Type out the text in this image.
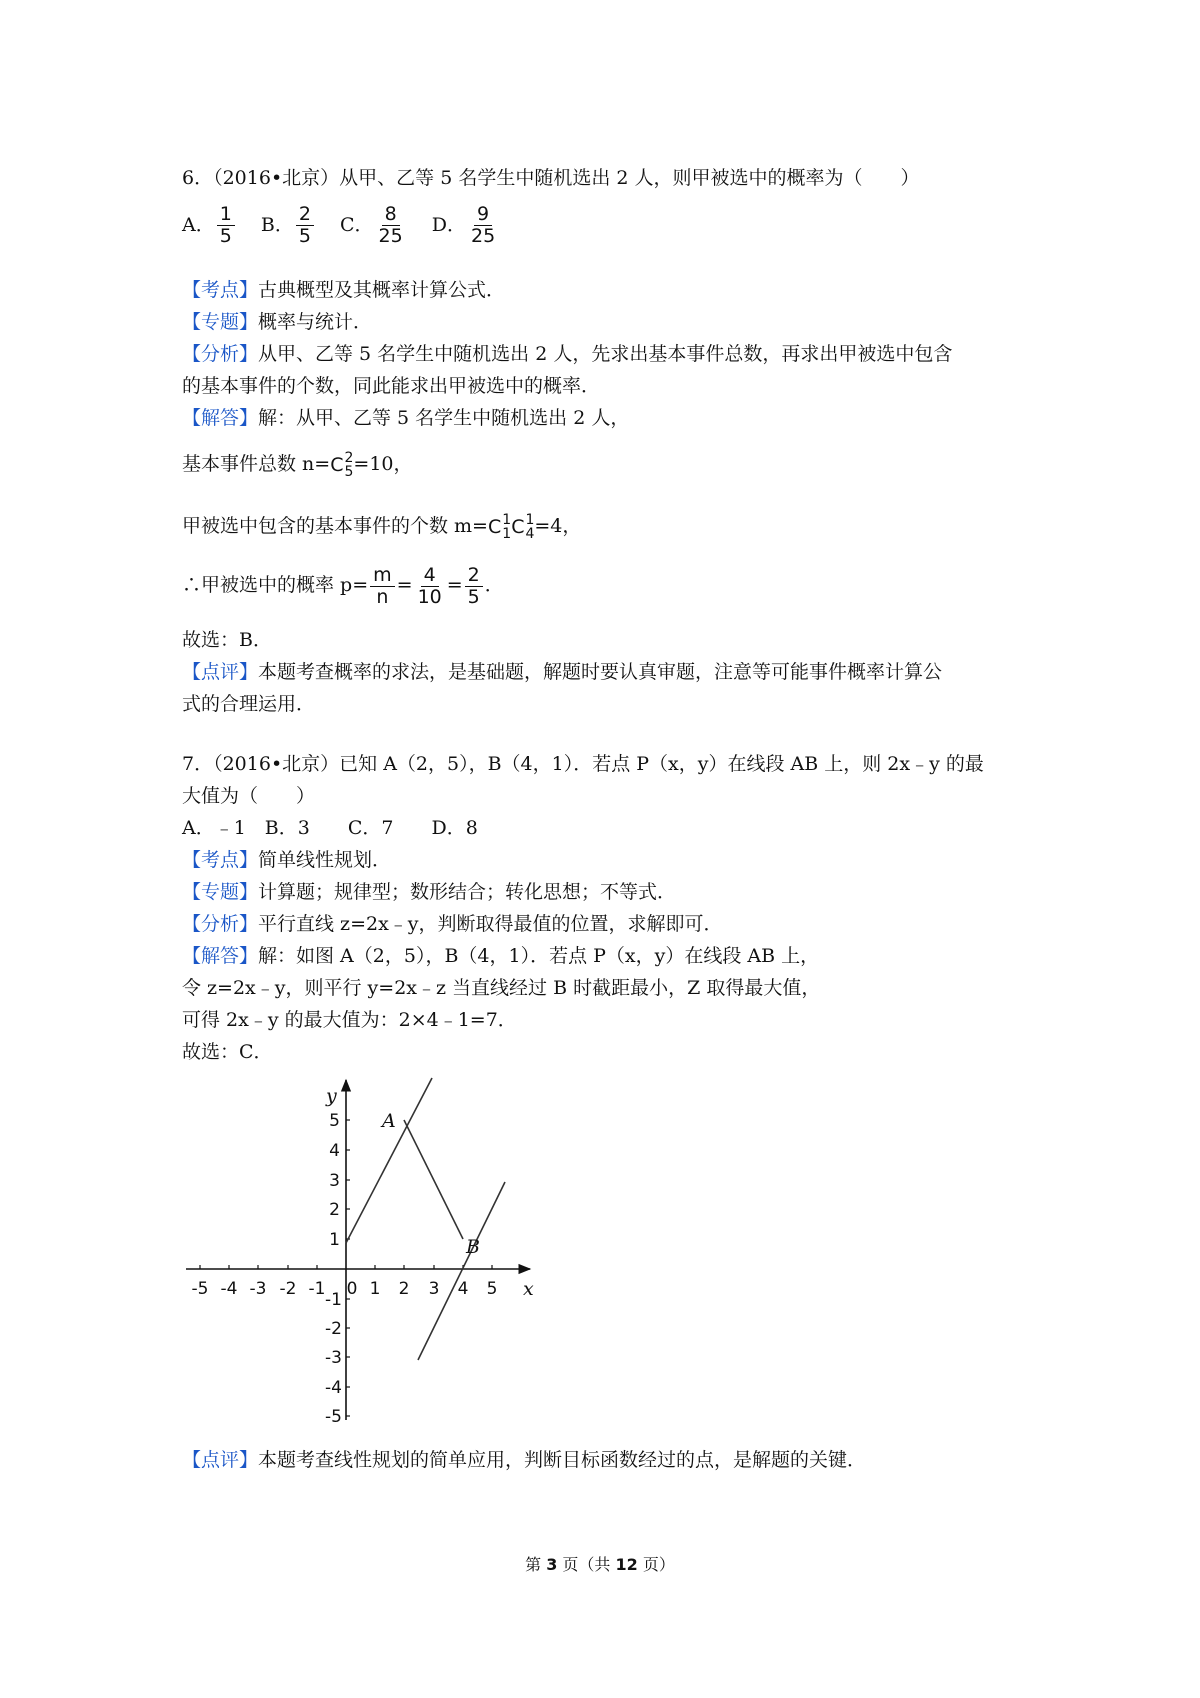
6．（2016•北京）从甲、乙等 5 名学生中随机选出 2 人，则甲被选中的概率为（　　）
A． $\frac{1}{5}$
B． $\frac{2}{5}$
C． $\frac{8}{25}$
D． $\frac{9}{25}$
【考点】古典概型及其概率计算公式．
【专题】概率与统计．
【分析】从甲、乙等 5 名学生中随机选出 2 人，先求出基本事件总数，再求出甲被选中包含
的基本事件的个数，同此能求出甲被选中的概率．
【解答】解：从甲、乙等 5 名学生中随机选出 2 人，
基本事件总数 n= C 2
5 =10，
甲被选中包含的基本事件的个数 m= C 1
1 C 1
4 =4，
∴甲被选中的概率 $p= \frac{m}{n} = \frac{4}{10} = \frac{2}{5}$ ．
故选：B．
【点评】本题考查概率的求法，是基础题，解题时要认真审题，注意等可能事件概率计算公
式的合理运用．
7．（2016•北京）已知 A（2，5），B（4，1）．若点 P（x，y）在线段 AB 上，则 2x﹣y 的最
大值为（　　）
A．﹣1　B．3　　C．7　　D．8
【考点】简单线性规划．
【专题】计算题；规律型；数形结合；转化思想；不等式．
【分析】平行直线 z=2x﹣y，判断取得最值的位置，求解即可．
【解答】解：如图 A（2，5），B（4，1）．若点 P（x，y）在线段 AB 上，
令 z=2x﹣y，则平行 y=2x﹣z 当直线经过 B 时截距最小，Z 取得最大值，
可得 2x﹣y 的最大值为：2×4﹣1=7．
故选：C．
-5 -4 -3 -2 -1 0 1 2 3 4 5
1
2
3
4
5
-1
-2
-3
-4
-5
x
y
A
B
【点评】本题考查线性规划的简单应用，判断目标函数经过的点，是解题的关键．
第 3 页（共 12 页）
